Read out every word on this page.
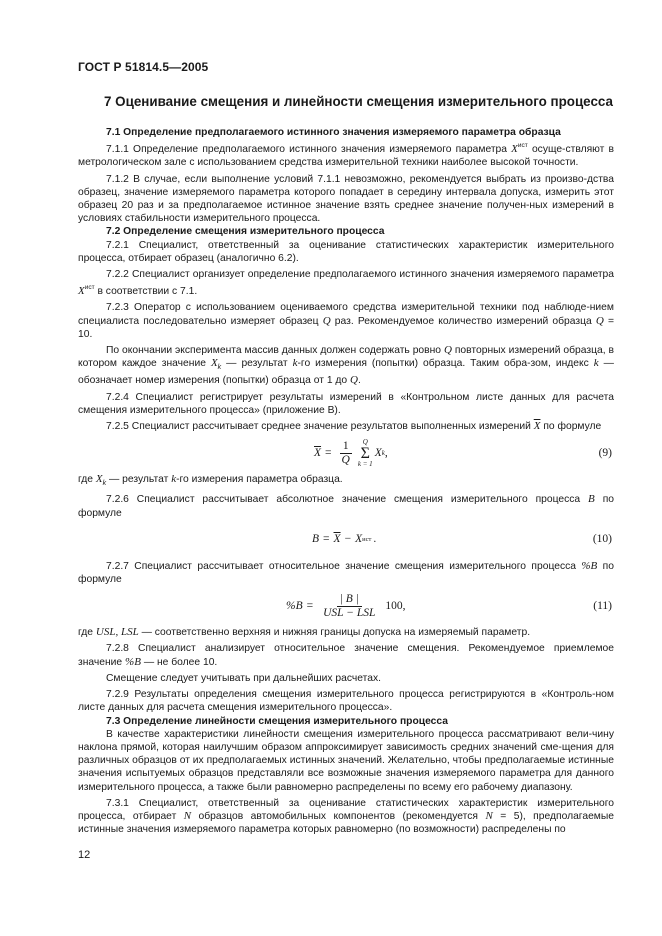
ГОСТ Р 51814.5—2005
7 Оценивание смещения и линейности смещения измерительного процесса

7.1 Определение предполагаемого истинного значения измеряемого параметра образца

7.1.1 Определение предполагаемого истинного значения измеряемого параметра $X^{ист}$ осуще-ствляют в метрологическом зале с использованием средства измерительной техники наиболее высокой точности.

7.1.2 В случае, если выполнение условий 7.1.1 невозможно, рекомендуется выбрать из произво-дства образец, значение измеряемого параметра которого попадает в середину интервала допуска, измерить этот образец 20 раз и за предполагаемое истинное значение взять среднее значение получен-ных измерений в условиях стабильности измерительного процесса.

7.2 Определение смещения измерительного процесса

7.2.1 Специалист, ответственный за оценивание статистических характеристик измерительного процесса, отбирает образец (аналогично 6.2).

7.2.2 Специалист организует определение предполагаемого истинного значения измеряемого параметра $X^{ист}$ в соответствии с 7.1.

7.2.3 Оператор с использованием оцениваемого средства измерительной техники под наблюде-нием специалиста последовательно измеряет образец Q раз. Рекомендуемое количество измерений образца Q = 10.

По окончании эксперимента массив данных должен содержать ровно Q повторных измерений образца, в котором каждое значение $X_k$ — результат k-го измерения (попытки) образца. Таким обра-зом, индекс k — обозначает номер измерения (попытки) образца от 1 до Q.

7.2.4 Специалист регистрирует результаты измерений в «Контрольном листе данных для расчета смещения измерительного процесса» (приложение В).

7.2.5 Специалист рассчитывает среднее значение результатов выполненных измерений $\overline{X}$ по формуле

$\overline{X} = \frac{1}{Q}$ Q
Σ
k = 1
X k ,	(9)

где $X_k$ — результат k-го измерения параметра образца.

7.2.6 Специалист рассчитывает абсолютное значение смещения измерительного процесса B по формуле

$B = \overline{X} - X$ ист .	(10)

7.2.7 Специалист рассчитывает относительное значение смещения измерительного процесса %B по формуле

$\%B = \frac{| B |}{\text{USL − LSL}} 100$,	(11)

где USL, LSL — соответственно верхняя и нижняя границы допуска на измеряемый параметр.

7.2.8 Специалист анализирует относительное значение смещения. Рекомендуемое приемлемое значение %B — не более 10.

Смещение следует учитывать при дальнейших расчетах.

7.2.9 Результаты определения смещения измерительного процесса регистрируются в «Контроль-ном листе данных для расчета смещения измерительного процесса».

7.3 Определение линейности смещения измерительного процесса

В качестве характеристики линейности смещения измерительного процесса рассматривают вели-чину наклона прямой, которая наилучшим образом аппроксимирует зависимость средних значений сме-щения для различных образцов от их предполагаемых истинных значений. Желательно, чтобы предполагаемые истинные значения испытуемых образцов представляли все возможные значения измеряемого параметра для данного измерительного процесса, а также были равномерно распределены по всему его рабочему диапазону.

7.3.1 Специалист, ответственный за оценивание статистических характеристик измерительного процесса, отбирает N образцов автомобильных компонентов (рекомендуется N = 5), предполагаемые истинные значения измеряемого параметра которых равномерно (по возможности) распределены по

12
